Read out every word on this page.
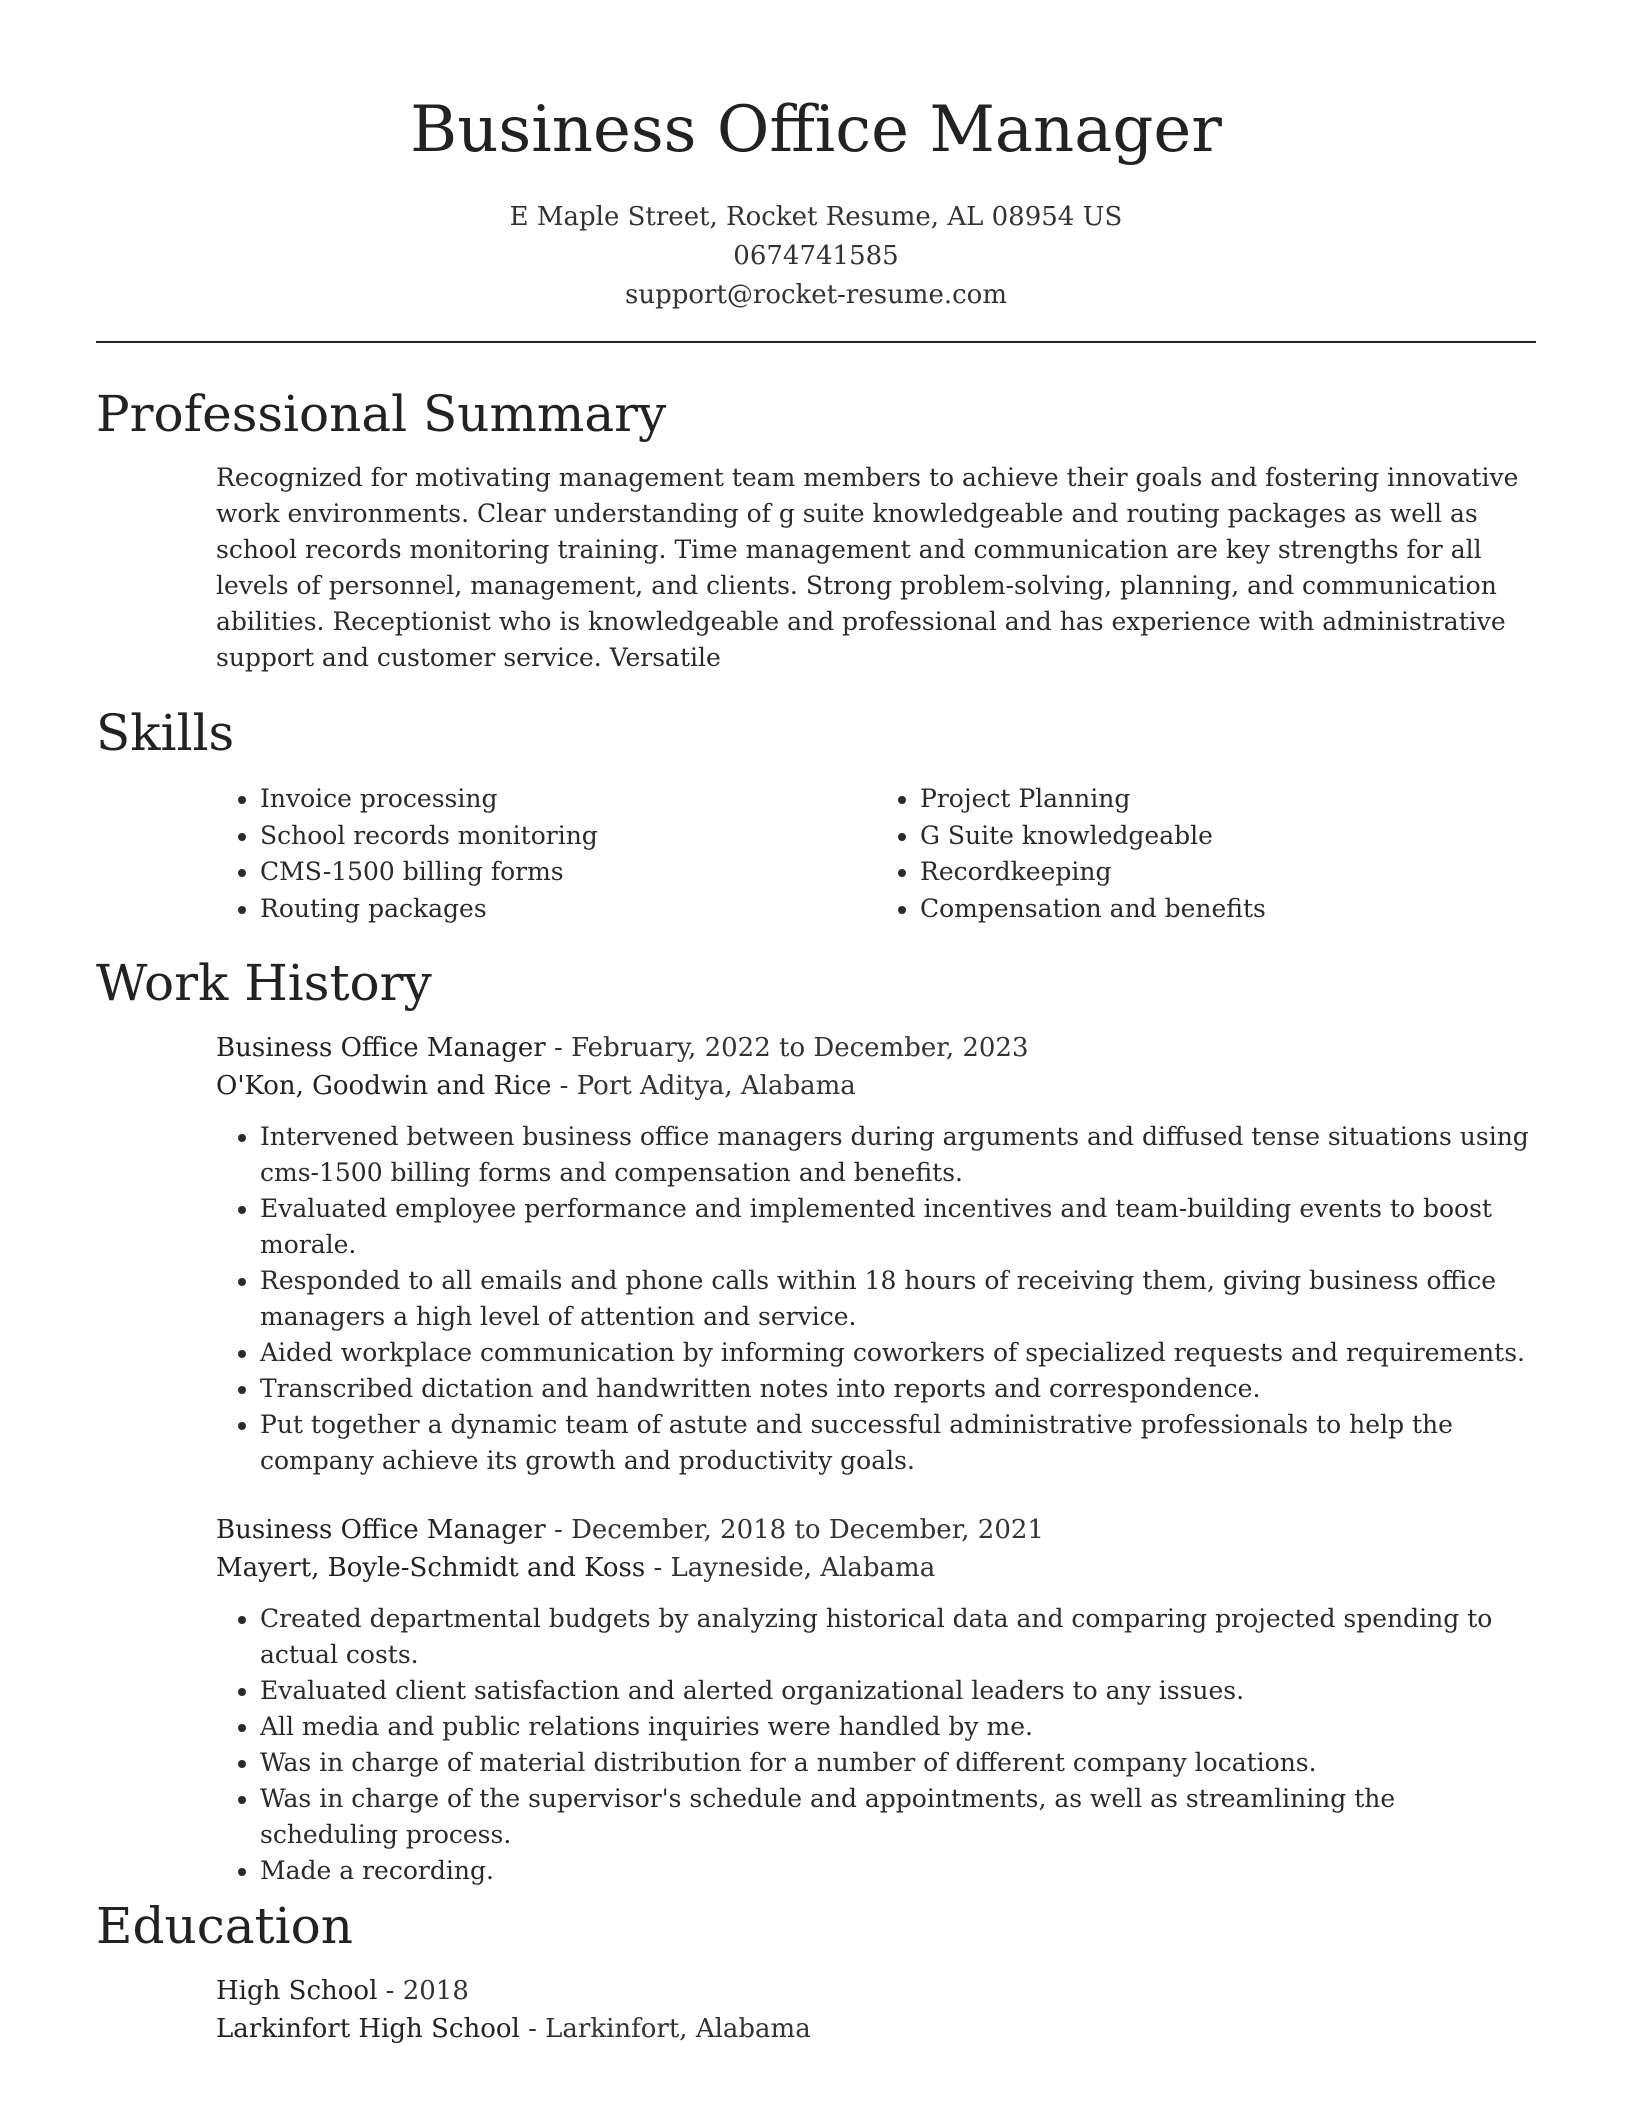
Business Office Manager
E Maple Street, Rocket Resume, AL 08954 US
0674741585
support@rocket-resume.com
Professional Summary
Recognized for motivating management team members to achieve their goals and fostering innovative work environments. Clear understanding of g suite knowledgeable and routing packages as well as school records monitoring training. Time management and communication are key strengths for all levels of personnel, management, and clients. Strong problem-solving, planning, and communication abilities. Receptionist who is knowledgeable and professional and has experience with administrative support and customer service. Versatile
Skills
• Invoice processing
• School records monitoring
• CMS-1500 billing forms
• Routing packages
• Project Planning
• G Suite knowledgeable
• Recordkeeping
• Compensation and benefits
Work History
Business Office Manager - February, 2022 to December, 2023
O'Kon, Goodwin and Rice - Port Aditya, Alabama
• Intervened between business office managers during arguments and diffused tense situations using cms-1500 billing forms and compensation and benefits.
• Evaluated employee performance and implemented incentives and team-building events to boost morale.
• Responded to all emails and phone calls within 18 hours of receiving them, giving business office managers a high level of attention and service.
• Aided workplace communication by informing coworkers of specialized requests and requirements.
• Transcribed dictation and handwritten notes into reports and correspondence.
• Put together a dynamic team of astute and successful administrative professionals to help the company achieve its growth and productivity goals.
Business Office Manager - December, 2018 to December, 2021
Mayert, Boyle-Schmidt and Koss - Layneside, Alabama
• Created departmental budgets by analyzing historical data and comparing projected spending to actual costs.
• Evaluated client satisfaction and alerted organizational leaders to any issues.
• All media and public relations inquiries were handled by me.
• Was in charge of material distribution for a number of different company locations.
• Was in charge of the supervisor's schedule and appointments, as well as streamlining the scheduling process.
• Made a recording.
Education
High School - 2018
Larkinfort High School - Larkinfort, Alabama
